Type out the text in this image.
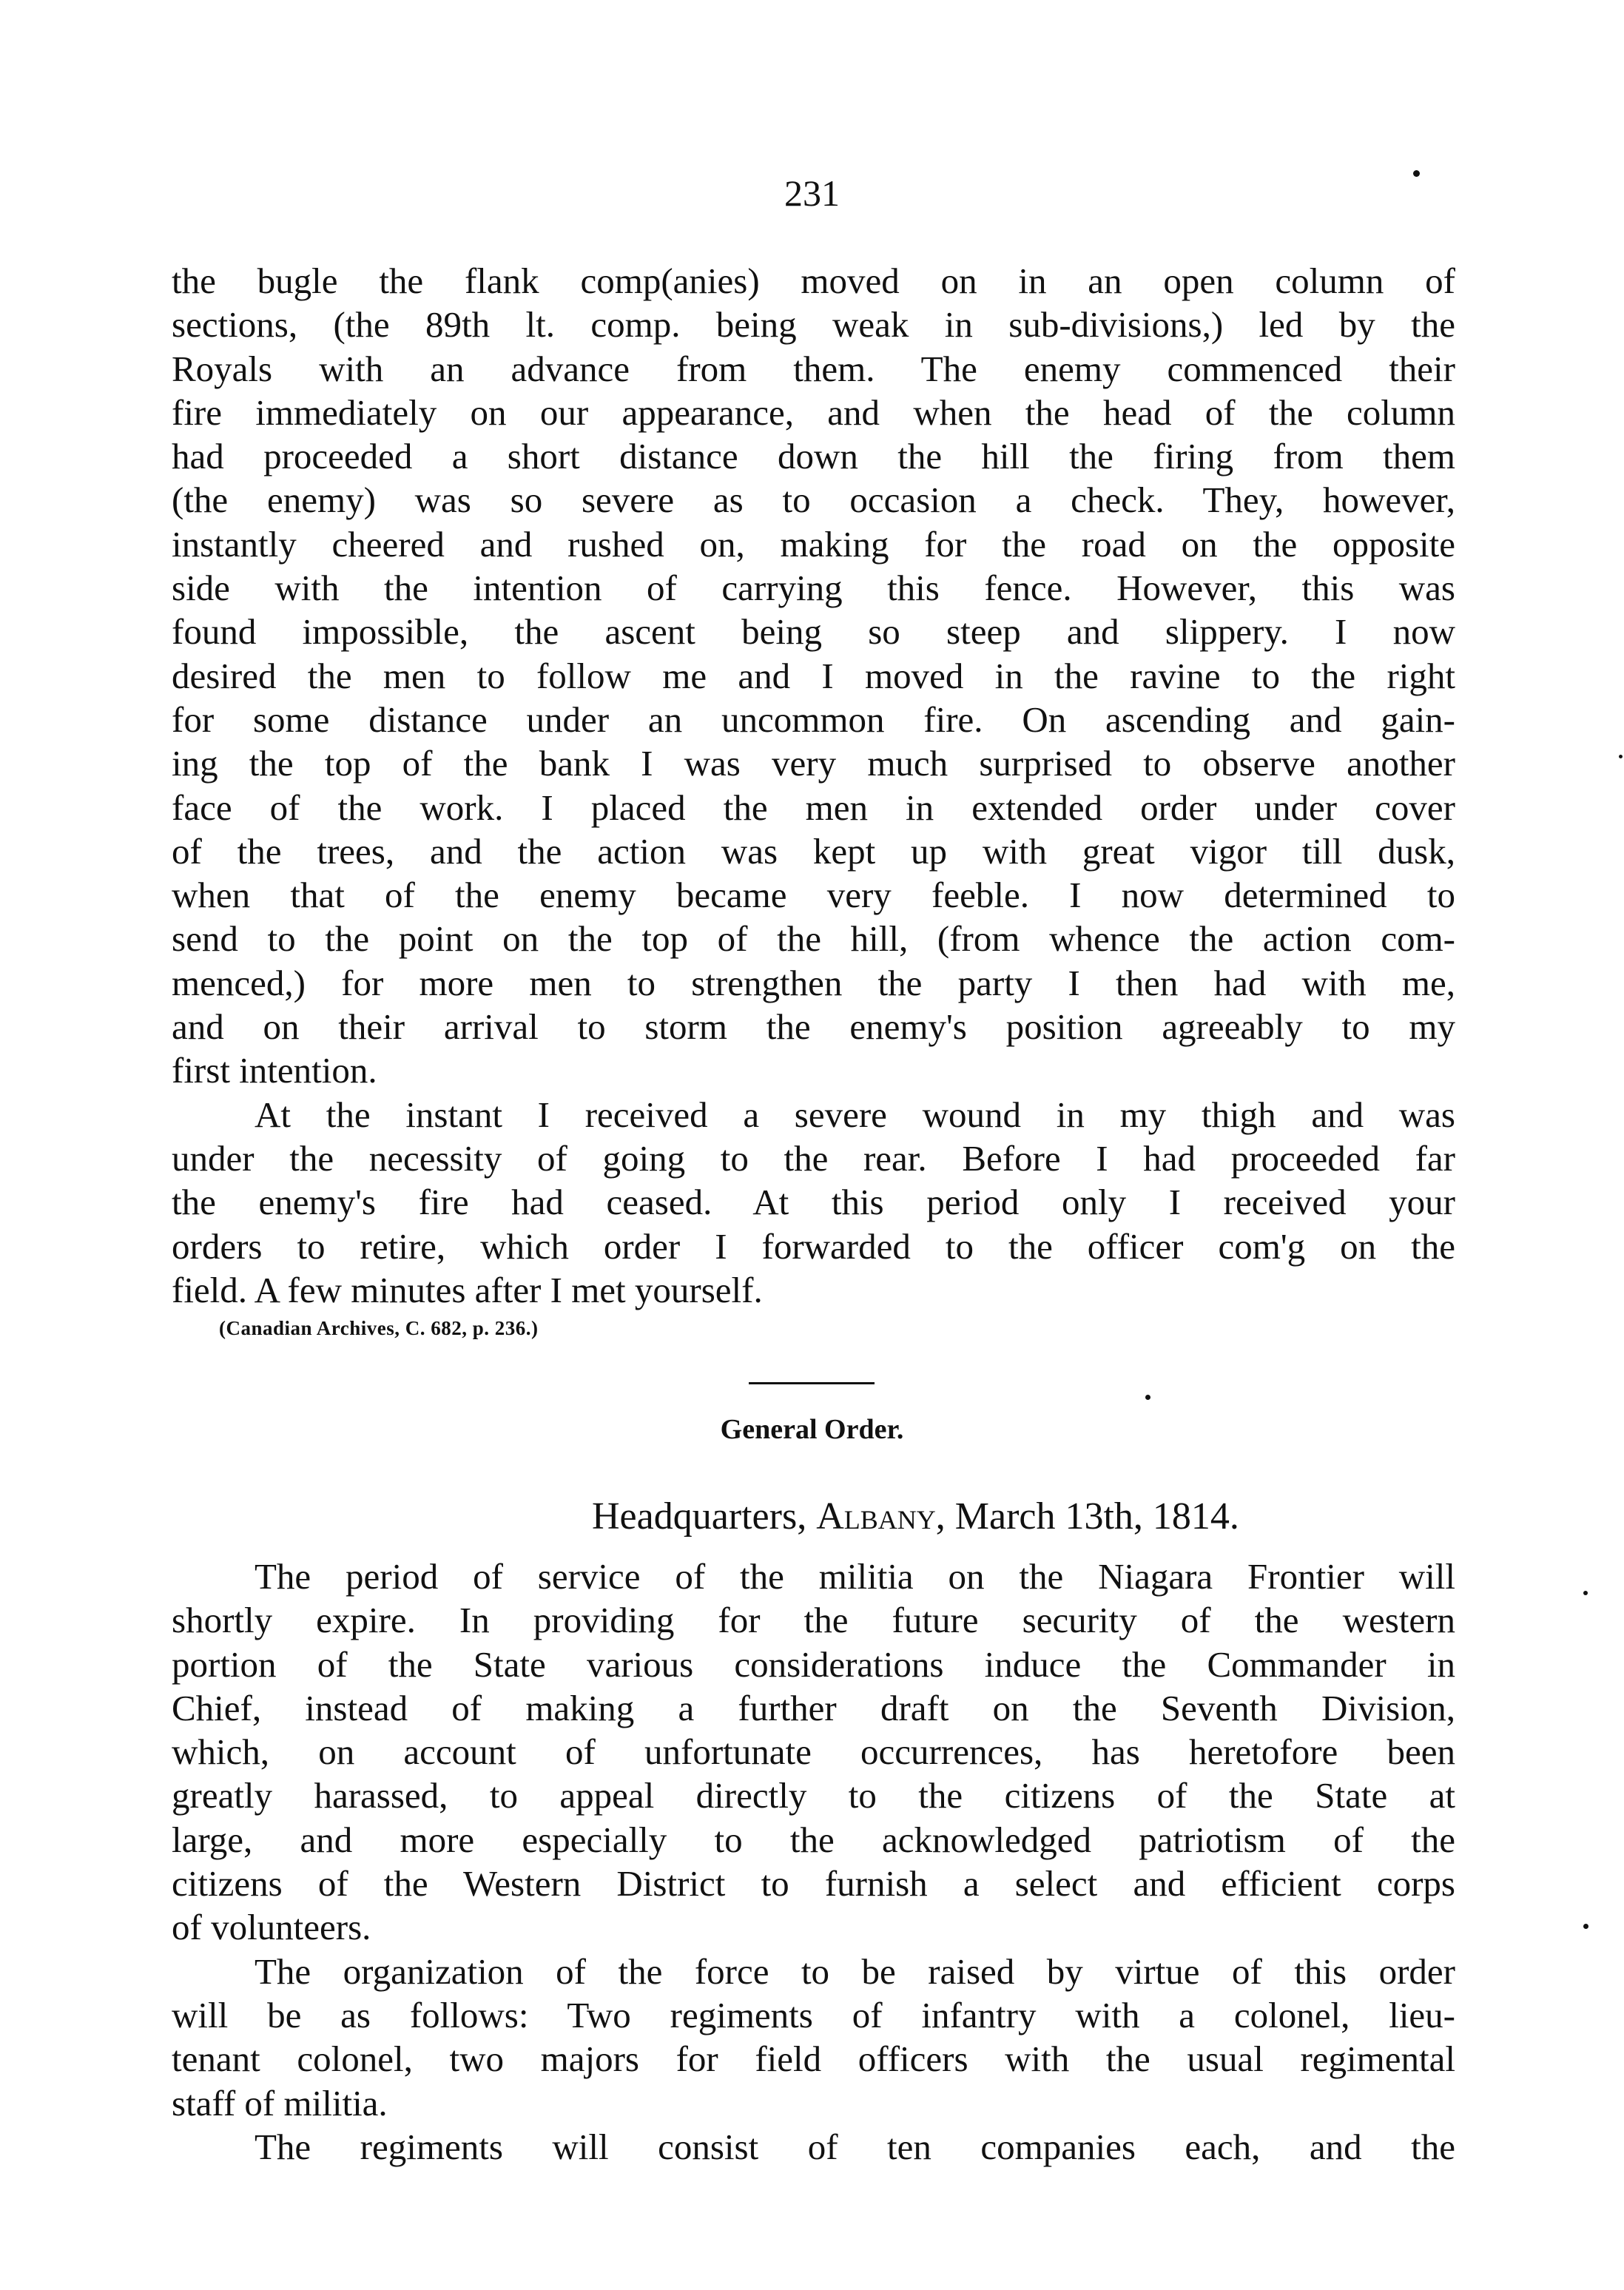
231
the bugle the flank comp(anies) moved on in an open column of
sections, (the 89th lt. comp. being weak in sub-divisions,) led by the
Royals with an advance from them. The enemy commenced their
fire immediately on our appearance, and when the head of the column
had proceeded a short distance down the hill the firing from them
(the enemy) was so severe as to occasion a check. They, however,
instantly cheered and rushed on, making for the road on the opposite
side with the intention of carrying this fence. However, this was
found impossible, the ascent being so steep and slippery. I now
desired the men to follow me and I moved in the ravine to the right
for some distance under an uncommon fire. On ascending and gain-
ing the top of the bank I was very much surprised to observe another
face of the work. I placed the men in extended order under cover
of the trees, and the action was kept up with great vigor till dusk,
when that of the enemy became very feeble. I now determined to
send to the point on the top of the hill, (from whence the action com-
menced,) for more men to strengthen the party I then had with me,
and on their arrival to storm the enemy's position agreeably to my
first intention.
At the instant I received a severe wound in my thigh and was
under the necessity of going to the rear. Before I had proceeded far
the enemy's fire had ceased. At this period only I received your
orders to retire, which order I forwarded to the officer com'g on the
field. A few minutes after I met yourself.
(Canadian Archives, C. 682, p. 236.)
General Order.
Headquarters, Albany, March 13th, 1814.
The period of service of the militia on the Niagara Frontier will
shortly expire. In providing for the future security of the western
portion of the State various considerations induce the Commander in
Chief, instead of making a further draft on the Seventh Division,
which, on account of unfortunate occurrences, has heretofore been
greatly harassed, to appeal directly to the citizens of the State at
large, and more especially to the acknowledged patriotism of the
citizens of the Western District to furnish a select and efficient corps
of volunteers.
The organization of the force to be raised by virtue of this order
will be as follows: Two regiments of infantry with a colonel, lieu-
tenant colonel, two majors for field officers with the usual regimental
staff of militia.
The regiments will consist of ten companies each, and the
